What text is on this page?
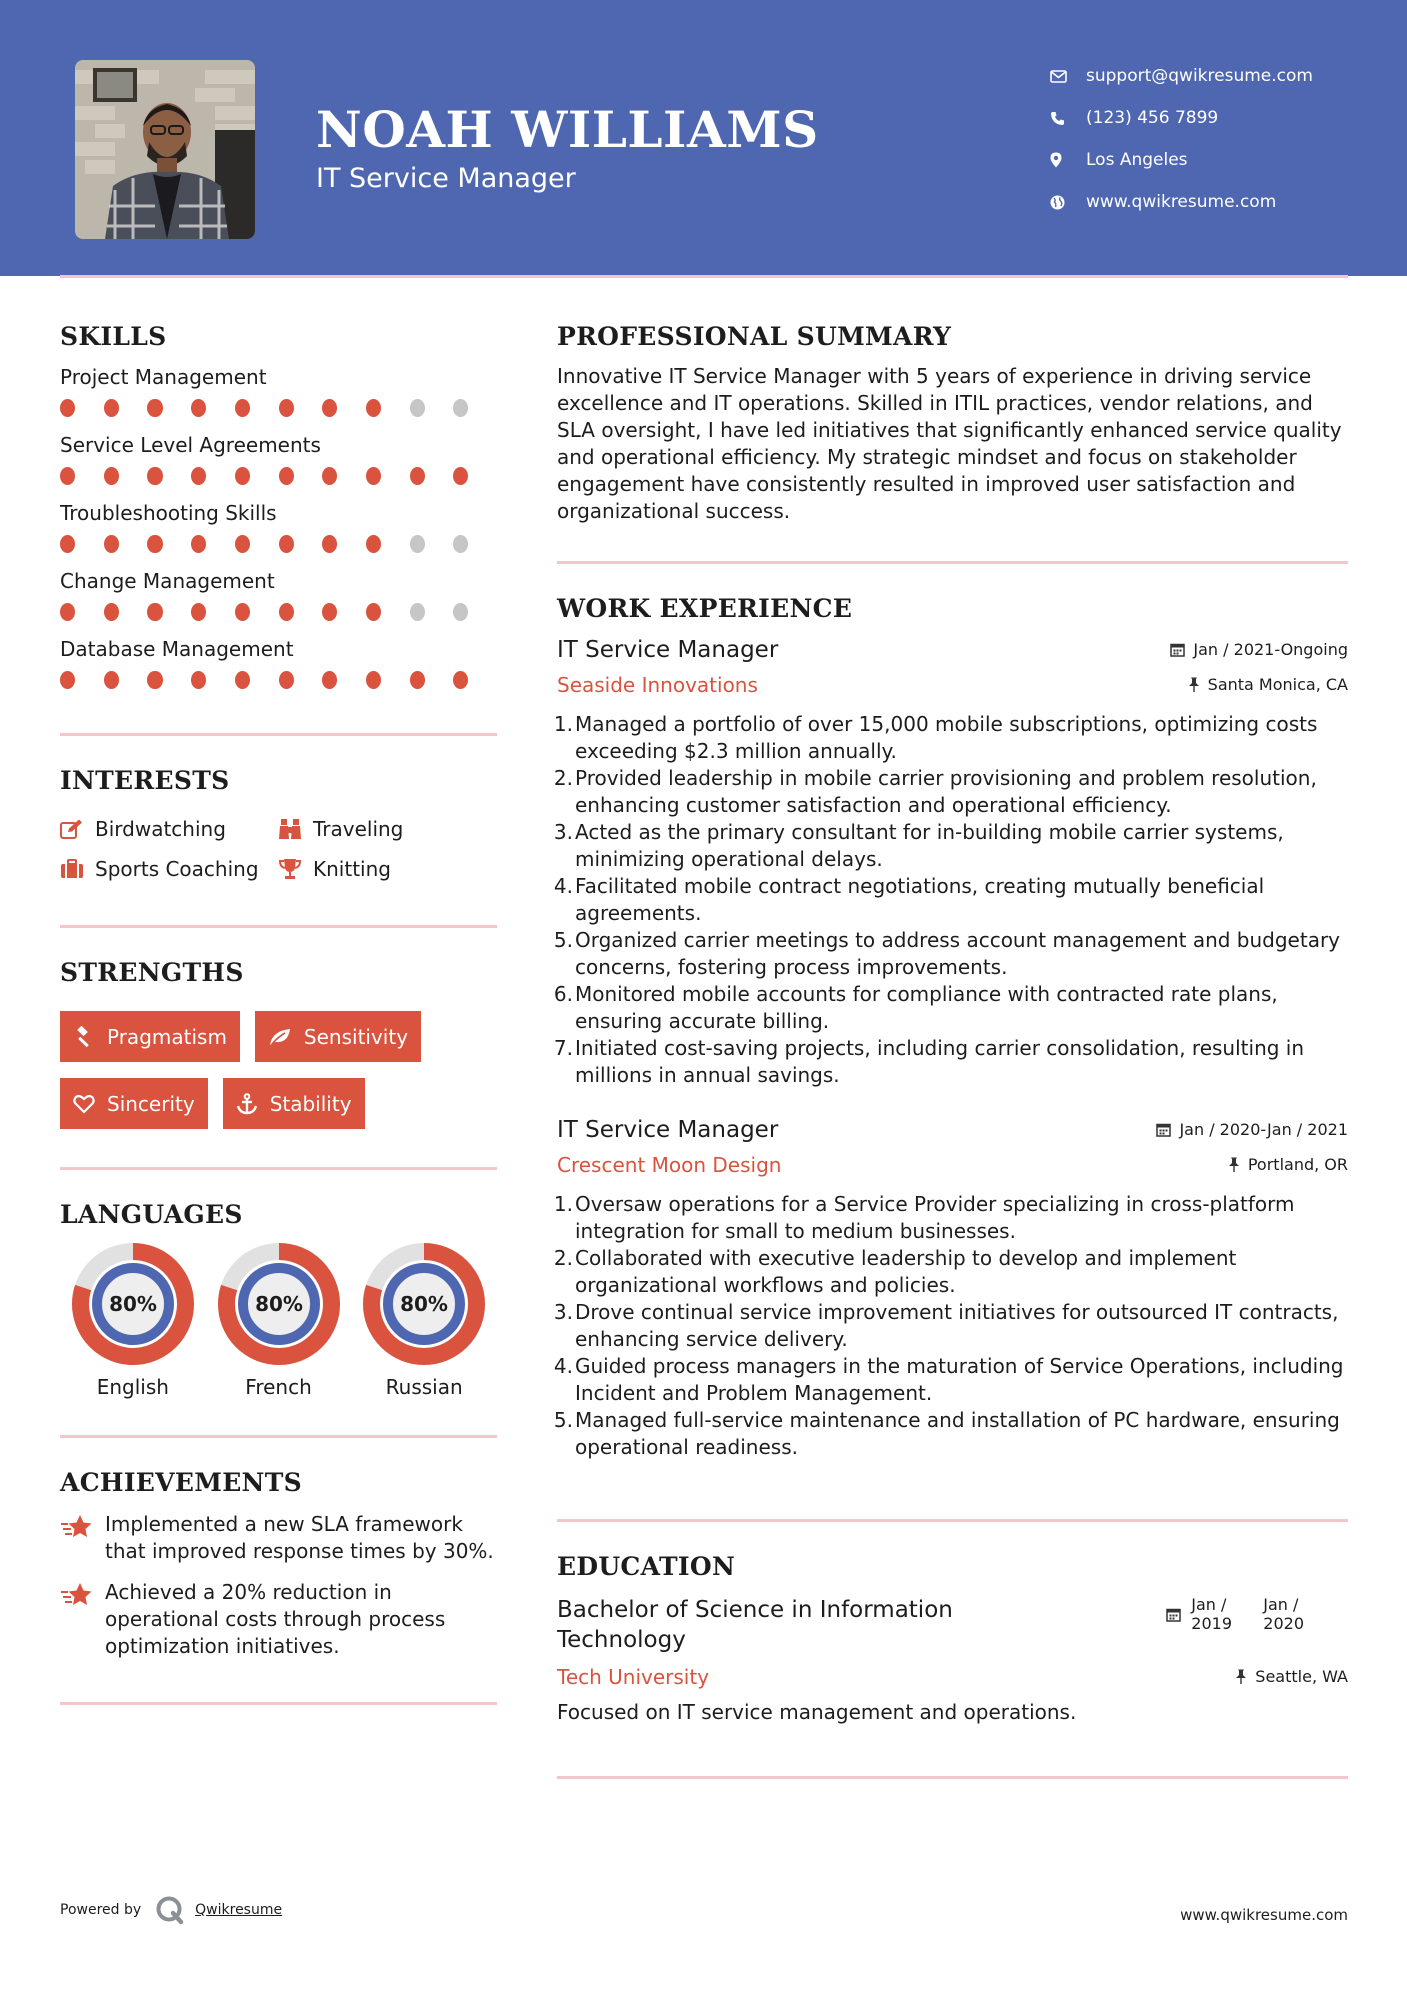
NOAH WILLIAMS
IT Service Manager
support@qwikresume.com
(123) 456 7899
Los Angeles
www.qwikresume.com
SKILLS
Project Management
Service Level Agreements
Troubleshooting Skills
Change Management
Database Management
INTERESTS
Birdwatching	Traveling
Sports Coaching	Knitting
STRENGTHS
Pragmatism	Sensitivity
Sincerity	Stability
LANGUAGES
80%
English
80%
French
80%
Russian
ACHIEVEMENTS
Implemented a new SLA framework that improved response times by 30%.
Achieved a 20% reduction in operational costs through process optimization initiatives.
PROFESSIONAL SUMMARY
Innovative IT Service Manager with 5 years of experience in driving service excellence and IT operations. Skilled in ITIL practices, vendor relations, and SLA oversight, I have led initiatives that significantly enhanced service quality and operational efficiency. My strategic mindset and focus on stakeholder engagement have consistently resulted in improved user satisfaction and organizational success.
WORK EXPERIENCE
IT Service Manager	Jan / 2021-Ongoing
Seaside Innovations	Santa Monica, CA
1. Managed a portfolio of over 15,000 mobile subscriptions, optimizing costs exceeding $2.3 million annually.
2. Provided leadership in mobile carrier provisioning and problem resolution, enhancing customer satisfaction and operational efficiency.
3. Acted as the primary consultant for in-building mobile carrier systems, minimizing operational delays.
4. Facilitated mobile contract negotiations, creating mutually beneficial agreements.
5. Organized carrier meetings to address account management and budgetary concerns, fostering process improvements.
6. Monitored mobile accounts for compliance with contracted rate plans, ensuring accurate billing.
7. Initiated cost-saving projects, including carrier consolidation, resulting in millions in annual savings.
IT Service Manager	Jan / 2020-Jan / 2021
Crescent Moon Design	Portland, OR
1. Oversaw operations for a Service Provider specializing in cross-platform integration for small to medium businesses.
2. Collaborated with executive leadership to develop and implement organizational workflows and policies.
3. Drove continual service improvement initiatives for outsourced IT contracts, enhancing service delivery.
4. Guided process managers in the maturation of Service Operations, including Incident and Problem Management.
5. Managed full-service maintenance and installation of PC hardware, ensuring operational readiness.
EDUCATION
Bachelor of Science in Information Technology
Jan /
2019
Jan /
2020
Tech University	Seattle, WA
Focused on IT service management and operations.
Powered by	Qwikresume	www.qwikresume.com
